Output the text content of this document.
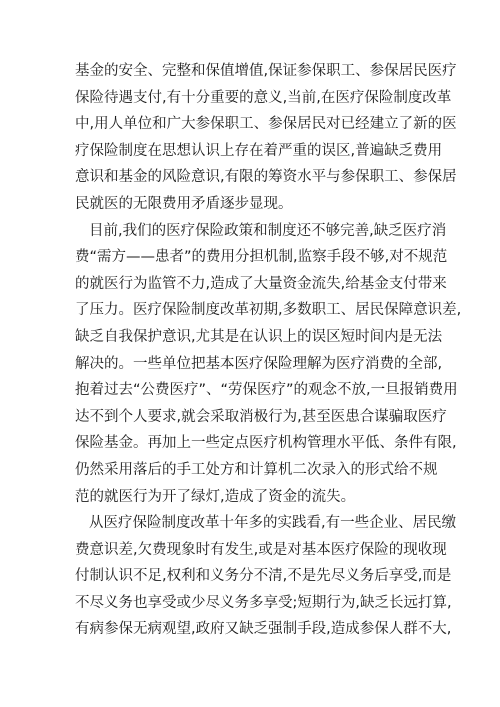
基金的安全、完整和保值增值,保证参保职工、参保居民医疗
保险待遇支付,有十分重要的意义,当前,在医疗保险制度改革
中,用人单位和广大参保职工、参保居民对已经建立了新的医
疗保险制度在思想认识上存在着严重的误区,普遍缺乏费用
意识和基金的风险意识,有限的筹资水平与参保职工、参保居
民就医的无限费用矛盾逐步显现。
目前,我们的医疗保险政策和制度还不够完善,缺乏医疗消
费“需方——患者”的费用分担机制,监察手段不够,对不规范
的就医行为监管不力,造成了大量资金流失,给基金支付带来
了压力。医疗保险制度改革初期,多数职工、居民保障意识差,
缺乏自我保护意识,尤其是在认识上的误区短时间内是无法
解决的。一些单位把基本医疗保险理解为医疗消费的全部,
抱着过去“公费医疗”、“劳保医疗”的观念不放,一旦报销费用
达不到个人要求,就会采取消极行为,甚至医患合谋骗取医疗
保险基金。再加上一些定点医疗机构管理水平低、条件有限,
仍然采用落后的手工处方和计算机二次录入的形式给不规
范的就医行为开了绿灯,造成了资金的流失。
从医疗保险制度改革十年多的实践看,有一些企业、居民缴
费意识差,欠费现象时有发生,或是对基本医疗保险的现收现
付制认识不足,权利和义务分不清,不是先尽义务后享受,而是
不尽义务也享受或少尽义务多享受;短期行为,缺乏长远打算,
有病参保无病观望,政府又缺乏强制手段,造成参保人群不大,
